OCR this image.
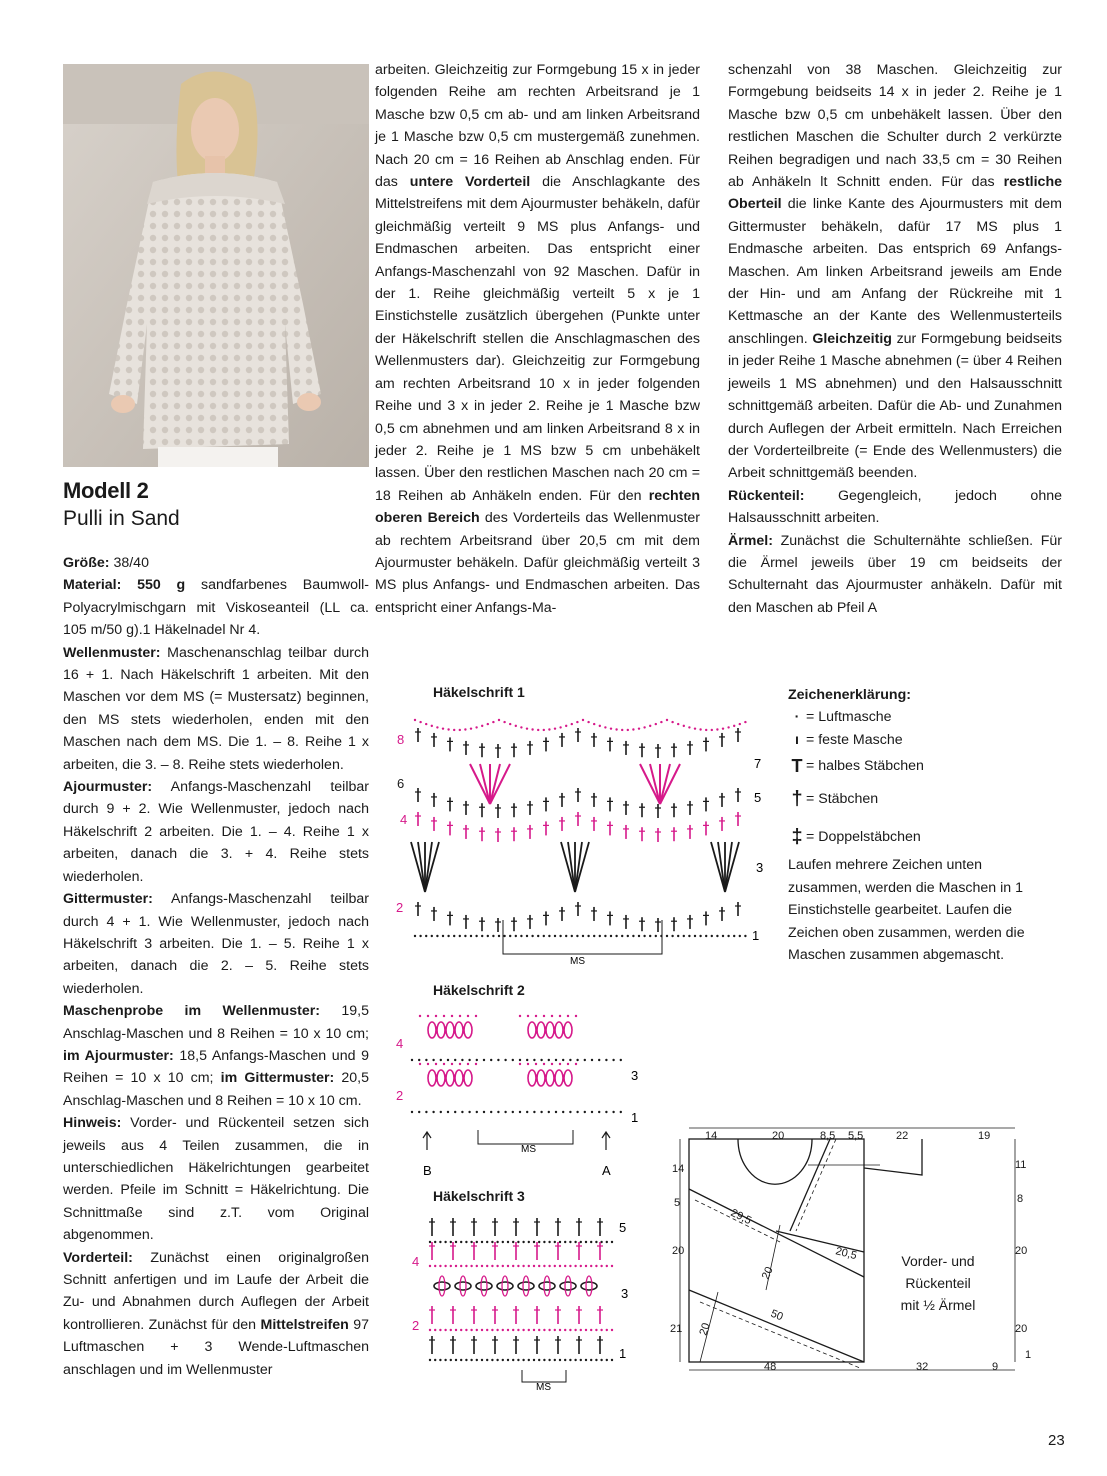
Modell 2
Pulli in Sand

Größe: 38/40

Material: 550 g sandfarbenes Baumwoll-Polyacrylmischgarn mit Viskoseanteil (LL ca. 105 m/50 g).1 Häkelnadel Nr 4.

Wellenmuster: Maschenanschlag teilbar durch 16 + 1. Nach Häkelschrift 1 arbeiten. Mit den Maschen vor dem MS (= Mustersatz) beginnen, den MS stets wiederholen, enden mit den Maschen nach dem MS. Die 1. – 8. Reihe 1 x arbeiten, die 3. – 8. Reihe stets wiederholen.

Ajourmuster: Anfangs-Maschenzahl teilbar durch 9 + 2. Wie Wellenmuster, jedoch nach Häkelschrift 2 arbeiten. Die 1. – 4. Reihe 1 x arbeiten, danach die 3. + 4. Reihe stets wiederholen.

Gittermuster: Anfangs-Maschenzahl teilbar durch 4 + 1. Wie Wellenmuster, jedoch nach Häkelschrift 3 arbeiten. Die 1. – 5. Reihe 1 x arbeiten, danach die 2. – 5. Reihe stets wiederholen.

Maschenprobe im Wellenmuster: 19,5 Anschlag-Maschen und 8 Reihen = 10 x 10 cm; im Ajourmuster: 18,5 Anfangs-Maschen und 9 Reihen = 10 x 10 cm; im Gittermuster: 20,5 Anschlag-Maschen und 8 Reihen = 10 x 10 cm.

Hinweis: Vorder- und Rückenteil setzen sich jeweils aus 4 Teilen zusammen, die in unterschiedlichen Häkelrichtungen gearbeitet werden. Pfeile im Schnitt = Häkelrichtung. Die Schnittmaße sind z.T. vom Original abgenommen.

Vorderteil: Zunächst einen originalgroßen Schnitt anfertigen und im Laufe der Arbeit die Zu- und Abnahmen durch Auflegen der Arbeit kontrollieren. Zunächst für den Mittelstreifen 97 Luftmaschen + 3 Wende-Luftmaschen anschlagen und im Wellenmuster

arbeiten. Gleichzeitig zur Formgebung 15 x in jeder folgenden Reihe am rechten Arbeitsrand je 1 Masche bzw 0,5 cm ab- und am linken Arbeitsrand je 1 Masche bzw 0,5 cm mustergemäß zunehmen. Nach 20 cm = 16 Reihen ab Anschlag enden. Für das untere Vorderteil die Anschlagkante des Mittelstreifens mit dem Ajourmuster behäkeln, dafür gleichmäßig verteilt 9 MS plus Anfangs- und Endmaschen arbeiten. Das entspricht einer Anfangs-Maschenzahl von 92 Maschen. Dafür in der 1. Reihe gleichmäßig verteilt 5 x je 1 Einstichstelle zusätzlich übergehen (Punkte unter der Häkelschrift stellen die Anschlagmaschen des Wellenmusters dar). Gleichzeitig zur Formgebung am rechten Arbeitsrand 10 x in jeder folgenden Reihe und 3 x in jeder 2. Reihe je 1 Masche bzw 0,5 cm abnehmen und am linken Arbeitsrand 8 x in jeder 2. Reihe je 1 MS bzw 5 cm unbehäkelt lassen. Über den restlichen Maschen nach 20 cm = 18 Reihen ab Anhäkeln enden. Für den rechten oberen Bereich des Vorderteils das Wellenmuster ab rechtem Arbeitsrand über 20,5 cm mit dem Ajourmuster behäkeln. Dafür gleichmäßig verteilt 3 MS plus Anfangs- und Endmaschen arbeiten. Das entspricht einer Anfangs-Ma-

schenzahl von 38 Maschen. Gleichzeitig zur Formgebung beidseits 14 x in jeder 2. Reihe je 1 Masche bzw 0,5 cm unbehäkelt lassen. Über den restlichen Maschen die Schulter durch 2 verkürzte Reihen begradigen und nach 33,5 cm = 30 Reihen ab Anhäkeln lt Schnitt enden. Für das restliche Oberteil die linke Kante des Ajourmusters mit dem Gittermuster behäkeln, dafür 17 MS plus 1 Endmasche arbeiten. Das entsprich 69 Anfangs-Maschen. Am linken Arbeitsrand jeweils am Ende der Hin- und am Anfang der Rückreihe mit 1 Kettmasche an der Kante des Wellenmusterteils anschlingen. Gleichzeitig zur Formgebung beidseits in jeder Reihe 1 Masche abnehmen (= über 4 Reihen jeweils 1 MS abnehmen) und den Halsausschnitt schnittgemäß arbeiten. Dafür die Ab- und Zunahmen durch Auflegen der Arbeit ermitteln. Nach Erreichen der Vorderteilbreite (= Ende des Wellenmusters) die Arbeit schnittgemäß beenden.

Rückenteil: Gegengleich, jedoch ohne Halsausschnitt arbeiten.

Ärmel: Zunächst die Schulternähte schließen. Für die Ärmel jeweils über 19 cm beidseits der Schulternaht das Ajourmuster anhäkeln. Dafür mit den Maschen ab Pfeil A

Häkelschrift 1
Häkelschrift 2
Häkelschrift 3
8
6
4
2
7
5
3
1
MS
4
2
3
1
MS
B	A
4
2
5
3
1
MS
Zeichenerklärung:
· = Luftmasche
ı = feste Masche
T = halbes Stäbchen
† = Stäbchen
‡ = Doppelstäbchen
Laufen mehrere Zeichen unten zusammen, werden die Maschen in 1 Einstichstelle gearbeitet. Laufen die Zeichen oben zusammen, werden die Maschen zusammen abgemascht.
14	20	8,5 5,5	22	19
14
5
20
21
29,5
20,5
20
50
20
11
8
20
20
1
48	32	9
Vorder- und
Rückenteil
mit ½ Ärmel
23
